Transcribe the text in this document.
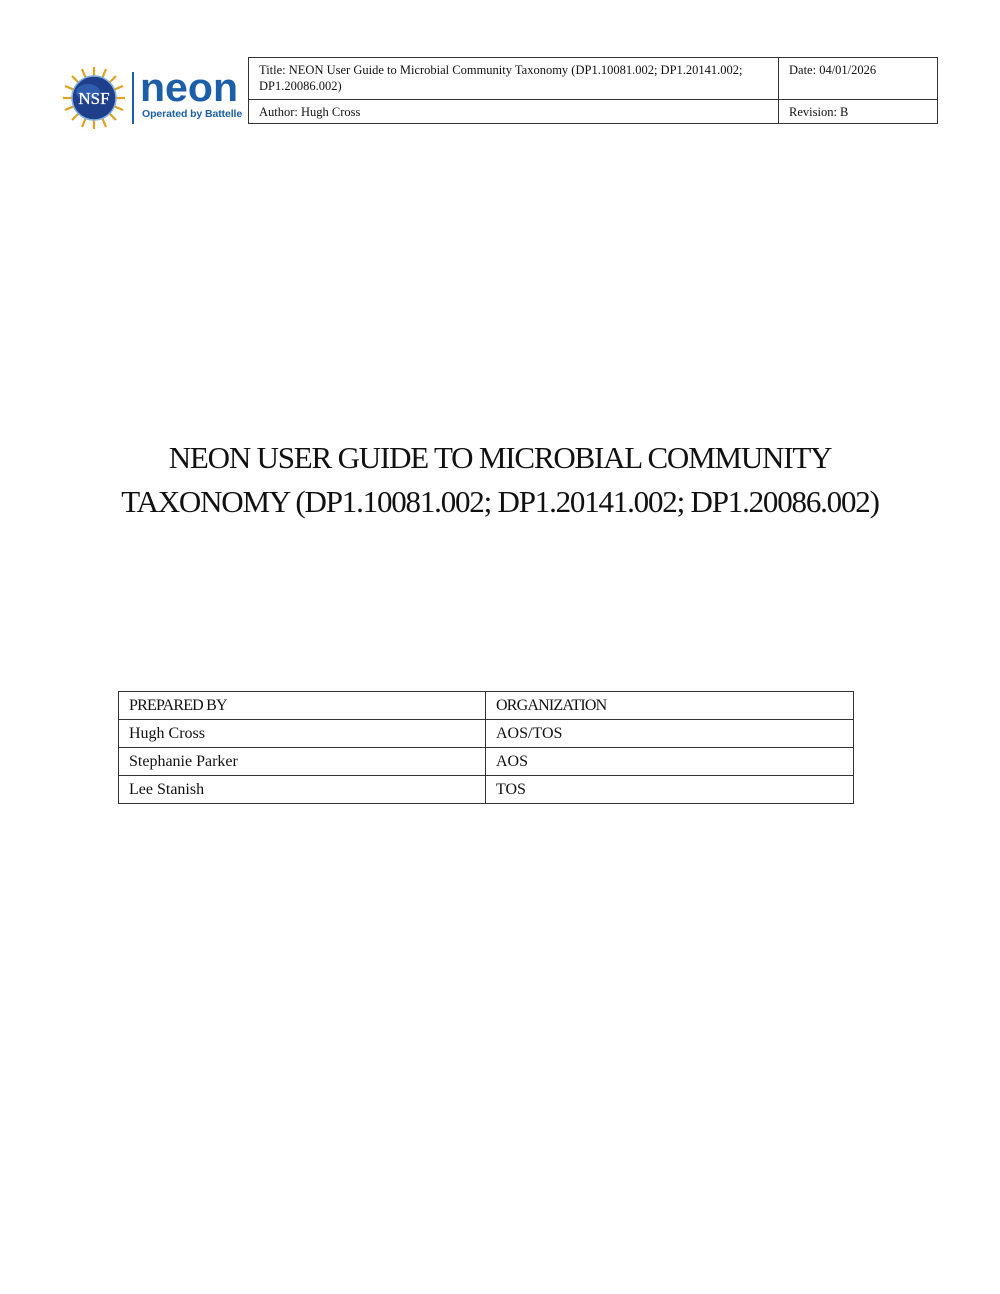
NSF neon
Operated by Battelle
Title: NEON User Guide to Microbial Community Taxonomy (DP1.10081.002; DP1.20141.002; DP1.20086.002)	Date: 04/01/2026
Author: Hugh Cross	Revision: B
NEON USER GUIDE TO MICROBIAL COMMUNITY TAXONOMY (DP1.10081.002; DP1.20141.002; DP1.20086.002)
PREPARED BY	ORGANIZATION
Hugh Cross	AOS/TOS
Stephanie Parker	AOS
Lee Stanish	TOS
